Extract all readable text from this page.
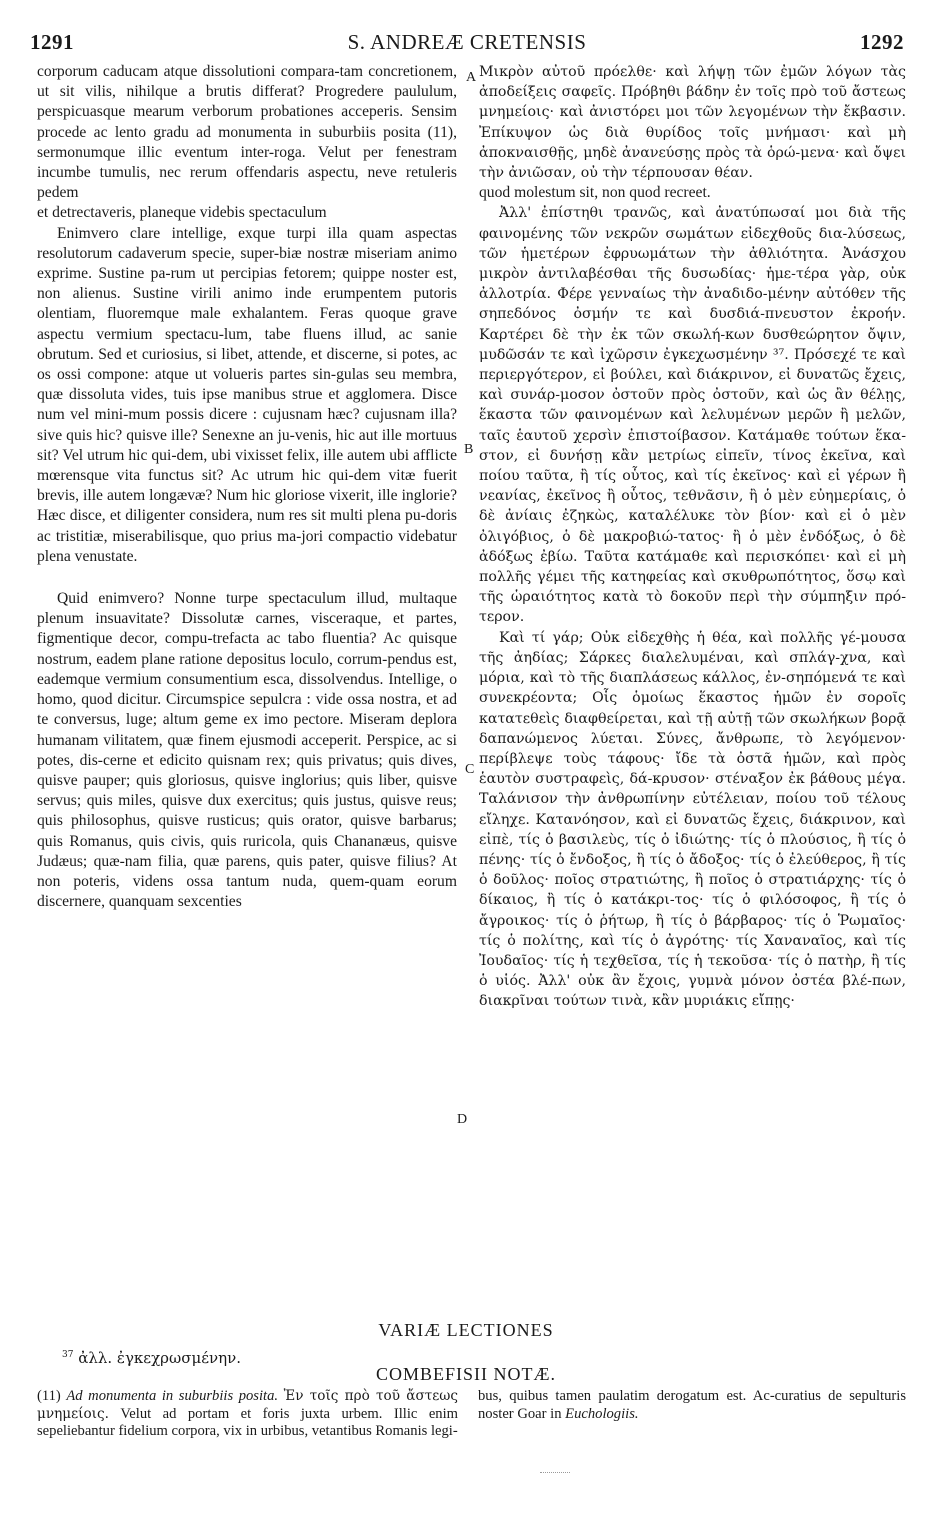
1291	S. ANDREÆ CRETENSIS	1292

corporum caducam atque dissolutioni compara-tam concretionem, ut sit vilis, nihilque a brutis differat? Progredere paululum, perspicuasque mearum verborum probationes acceperis. Sensim procede ac lento gradu ad monumenta in suburbiis posita (11), sermonumque illic eventum inter-roga. Velut per fenestram incumbe tumulis, nec rerum offendaris aspectu, neve retuleris pedem

et detrectaveris, planeque videbis spectaculum

Enimvero clare intellige, exque turpi illa quam aspectas resolutorum cadaverum specie, super-biæ nostræ miseriam animo exprime. Sustine pa-rum ut percipias fetorem; quippe noster est, non alienus. Sustine virili animo inde erumpentem putoris olentiam, fluoremque male exhalantem. Feras quoque grave aspectu vermium spectacu-lum, tabe fluens illud, ac sanie obrutum. Sed et curiosius, si libet, attende, et discerne, si potes, ac os ossi compone: atque ut volueris partes sin-gulas seu membra, quæ dissoluta vides, tuis ipse manibus strue et agglomera. Disce num vel mini-mum possis dicere : cujusnam hæc? cujusnam illa? sive quis hic? quisve ille? Senexne an ju-venis, hic aut ille mortuus sit? Vel utrum hic qui-dem, ubi vixisset felix, ille autem ubi afflicte mœrensque vita functus sit? Ac utrum hic qui-dem vitæ fuerit brevis, ille autem longævæ? Num hic gloriose vixerit, ille inglorie? Hæc disce, et diligenter considera, num res sit multi plena pu-doris ac tristitiæ, miserabilisque, quo prius ma-jori compactio videbatur plena venustate.

Quid enimvero? Nonne turpe spectaculum illud, multaque plenum insuavitate? Dissolutæ carnes, visceraque, et partes, figmentique decor, compu-trefacta ac tabo fluentia? Ac quisque nostrum, eadem plane ratione depositus loculo, corrum-pendus est, eademque vermium consumentium esca, dissolvendus. Intellige, o homo, quod dicitur. Circumspice sepulcra : vide ossa nostra, et ad te conversus, luge; altum geme ex imo pectore. Miseram deplora humanam vilitatem, quæ finem ejusmodi acceperit. Perspice, ac si potes, dis-cerne et edicito quisnam rex; quis privatus; quis dives, quisve pauper; quis gloriosus, quisve inglorius; quis liber, quisve servus; quis miles, quisve dux exercitus; quis justus, quisve reus; quis philosophus, quisve rusticus; quis orator, quisve barbarus; quis Romanus, quis civis, quis ruricola, quis Chananæus, quisve Judæus; quæ-nam filia, quæ parens, quis pater, quisve filius? At non poteris, videns ossa tantum nuda, quem-quam eorum discernere, quanquam sexcenties

Μικρὸν αὐτοῦ πρόελθε· καὶ λήψῃ τῶν ἐμῶν λόγων τὰς ἀποδείξεις σαφεῖς. Πρόβηθι βάδην ἐν τοῖς πρὸ τοῦ ἄστεως μνημείοις· καὶ ἀνιστόρει μοι τῶν λεγομένων τὴν ἔκβασιν. Ἐπίκυψον ὡς διὰ θυρίδος τοῖς μνήμασι· καὶ μὴ ἀποκναισθῇς, μηδὲ ἀνανεύσῃς πρὸς τὰ ὁρώ-μενα· καὶ ὄψει τὴν ἀνιῶσαν, οὐ τὴν τέρπουσαν θέαν.

quod molestum sit, non quod recreet.

Ἀλλ' ἐπίστηθι τρανῶς, καὶ ἀνατύπωσαί μοι διὰ τῆς φαινομένης τῶν νεκρῶν σωμάτων εἰδεχθοῦς δια-λύσεως, τῶν ἡμετέρων ἐφρυωμάτων τὴν ἀθλιότητα. Ἀνάσχου μικρὸν ἀντιλαβέσθαι τῆς δυσωδίας· ἡμε-τέρα γὰρ, οὐκ ἀλλοτρία. Φέρε γενναίως τὴν ἀναδιδο-μένην αὐτόθεν τῆς σηπεδόνος ὀσμήν τε καὶ δυσδιά-πνευστον ἐκροήν. Καρτέρει δὲ τὴν ἐκ τῶν σκωλή-κων δυσθεώρητον ὄψιν, μυδῶσάν τε καὶ ἰχῶρσιν ἐγκεχωσμένην ³⁷. Πρόσεχέ τε καὶ περιεργότερον, εἰ βούλει, καὶ διάκρινον, εἰ δυνατῶς ἔχεις, καὶ συνάρ-μοσον ὀστοῦν πρὸς ὀστοῦν, καὶ ὡς ἂν θέλῃς, ἕκαστα τῶν φαινομένων καὶ λελυμένων μερῶν ἢ μελῶν, ταῖς ἑαυτοῦ χερσὶν ἐπιστοίβασον. Κατάμαθε τούτων ἕκα-στον, εἰ δυνήσῃ κἂν μετρίως εἰπεῖν, τίνος ἐκεῖνα, καὶ ποίου ταῦτα, ἢ τίς οὗτος, καὶ τίς ἐκεῖνος· καὶ εἰ γέρων ἢ νεανίας, ἐκεῖνος ἢ οὗτος, τεθνᾶσιν, ἢ ὁ μὲν εὐημερίαις, ὁ δὲ ἀνίαις ἐζηκὼς, καταλέλυκε τὸν βίον· καὶ εἰ ὁ μὲν ὀλιγόβιος, ὁ δὲ μακροβιώ-τατος· ἢ ὁ μὲν ἐνδόξως, ὁ δὲ ἀδόξως ἐβίω. Ταῦτα κατάμαθε καὶ περισκόπει· καὶ εἰ μὴ πολλῆς γέμει τῆς κατηφείας καὶ σκυθρωπότητος, ὅσῳ καὶ τῆς ὡραιότητος κατὰ τὸ δοκοῦν περὶ τὴν σύμπηξιν πρό-τερον.

Καὶ τί γάρ; Οὐκ εἰδεχθὴς ἡ θέα, καὶ πολλῆς γέ-μουσα τῆς ἀηδίας; Σάρκες διαλελυμέναι, καὶ σπλάγ-χνα, καὶ μόρια, καὶ τὸ τῆς διαπλάσεως κάλλος, ἐν-σηπόμενά τε καὶ συνεκρέοντα; Οἷς ὁμοίως ἕκαστος ἡμῶν ἐν σοροῖς κατατεθεὶς διαφθείρεται, καὶ τῇ αὐτῇ τῶν σκωλήκων βορᾷ δαπανώμενος λύεται. Σύνες, ἄνθρωπε, τὸ λεγόμενον· περίβλεψε τοὺς τάφους· ἴδε τὰ ὀστᾶ ἡμῶν, καὶ πρὸς ἑαυτὸν συστραφεὶς, δά-κρυσον· στέναξον ἐκ βάθους μέγα. Ταλάνισον τὴν ἀνθρωπίνην εὐτέλειαν, ποίου τοῦ τέλους εἴληχε. Κατανόησον, καὶ εἰ δυνατῶς ἔχεις, διάκρινον, καὶ εἰπὲ, τίς ὁ βασιλεὺς, τίς ὁ ἰδιώτης· τίς ὁ πλούσιος, ἢ τίς ὁ πένης· τίς ὁ ἔνδοξος, ἢ τίς ὁ ἄδοξος· τίς ὁ ἐλεύθερος, ἢ τίς ὁ δοῦλος· ποῖος στρατιώτης, ἢ ποῖος ὁ στρατιάρχης· τίς ὁ δίκαιος, ἢ τίς ὁ κατάκρι-τος· τίς ὁ φιλόσοφος, ἢ τίς ὁ ἄγροικος· τίς ὁ ῥήτωρ, ἢ τίς ὁ βάρβαρος· τίς ὁ Ῥωμαῖος· τίς ὁ πολίτης, καὶ τίς ὁ ἀγρότης· τίς Χαναναῖος, καὶ τίς Ἰουδαῖος· τίς ἡ τεχθεῖσα, τίς ἡ τεκοῦσα· τίς ὁ πατὴρ, ἢ τίς ὁ υἱός. Ἀλλ' οὐκ ἂν ἔχοις, γυμνὰ μόνον ὀστέα βλέ-πων, διακρῖναι τούτων τινὰ, κἂν μυριάκις εἴπῃς·

A
B
C
D
VARIÆ LECTIONES
$^{37}$ ἀλλ. ἐγκεχρωσμένην.
COMBEFISII NOTÆ.
(11) Ad monumenta in suburbiis posita. Ἐν τοῖς πρὸ τοῦ ἄστεως μνημείοις. Velut ad portam et foris juxta urbem. Illic enim sepeliebantur fidelium corpora, vix in urbibus, vetantibus Romanis legi-
bus, quibus tamen paulatim derogatum est. Ac-curatius de sepulturis noster Goar in Euchologiis.
